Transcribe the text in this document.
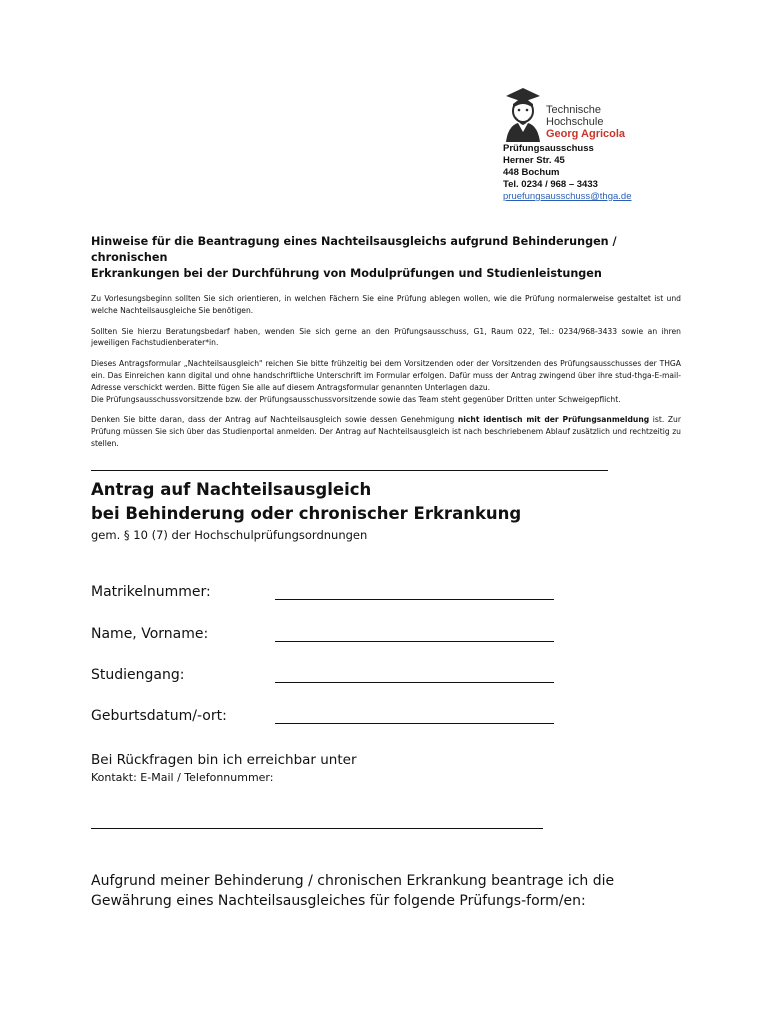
Technische
Hochschule
Georg Agricola
Prüfungsausschuss
Herner Str. 45
448 Bochum
Tel. 0234 / 968 – 3433
pruefungsausschuss@thga.de
Hinweise für die Beantragung eines Nachteilsausgleichs aufgrund Behinderungen / chronischen
Erkrankungen bei der Durchführung von Modulprüfungen und Studienleistungen

Zu Vorlesungsbeginn sollten Sie sich orientieren, in welchen Fächern Sie eine Prüfung ablegen wollen, wie die Prüfung normalerweise gestaltet ist und welche Nachteilsausgleiche Sie benötigen.

Sollten Sie hierzu Beratungsbedarf haben, wenden Sie sich gerne an den Prüfungsausschuss, G1, Raum 022, Tel.: 0234/968-3433 sowie an ihren jeweiligen Fachstudienberater*in.

Dieses Antragsformular „Nachteilsausgleich" reichen Sie bitte frühzeitig bei dem Vorsitzenden oder der Vorsitzenden des Prüfungsausschusses der THGA ein. Das Einreichen kann digital und ohne handschriftliche Unterschrift im Formular erfolgen. Dafür muss der Antrag zwingend über ihre stud-thga-E-mail-Adresse verschickt werden. Bitte fügen Sie alle auf diesem Antragsformular genannten Unterlagen dazu.
Die Prüfungsausschussvorsitzende bzw. der Prüfungsausschussvorsitzende sowie das Team steht gegenüber Dritten unter Schweigepflicht.

Denken Sie bitte daran, dass der Antrag auf Nachteilsausgleich sowie dessen Genehmigung nicht identisch mit der Prüfungsanmeldung ist. Zur Prüfung müssen Sie sich über das Studienportal anmelden. Der Antrag auf Nachteilsausgleich ist nach beschriebenem Ablauf zusätzlich und rechtzeitig zu stellen.

Antrag auf Nachteilsausgleich
bei Behinderung oder chronischer Erkrankung
gem. § 10 (7) der Hochschulprüfungsordnungen
Matrikelnummer:
Name, Vorname:
Studiengang:
Geburtsdatum/-ort:
Bei Rückfragen bin ich erreichbar unter
Kontakt: E-Mail / Telefonnummer:
Aufgrund meiner Behinderung / chronischen Erkrankung beantrage ich die
Gewährung eines Nachteilsausgleiches für folgende Prüfungs-form/en:
